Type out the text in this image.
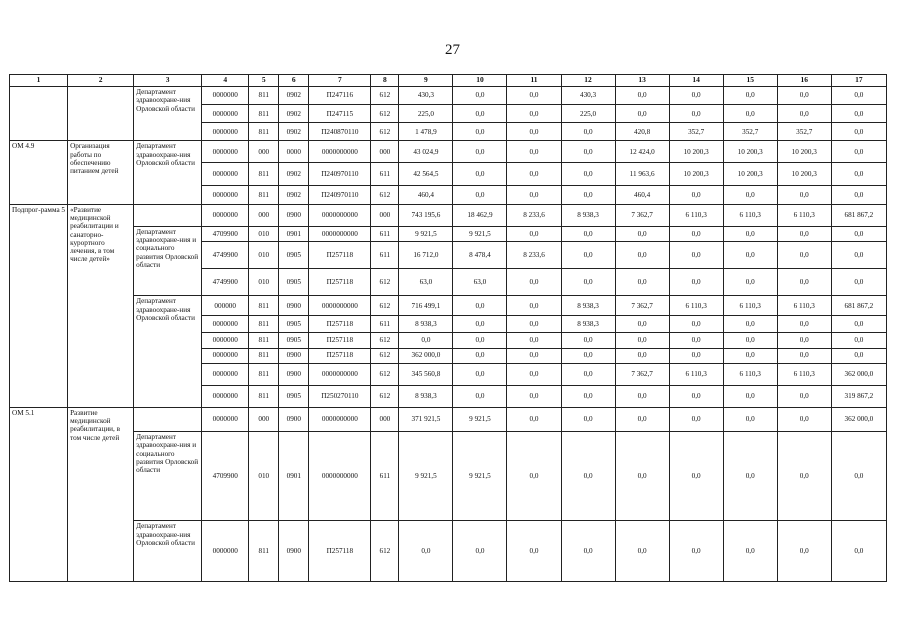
27
1	2	3	4	5	6	7	8	9	10	11	12	13	14	15	16	17
		Департамент здравоохране-ния Орловской области	0000000	811	0902	П247116	612	430,3	0,0	0,0	430,3	0,0	0,0	0,0	0,0	0,0
			0000000	811	0902	П247115	612	225,0	0,0	0,0	225,0	0,0	0,0	0,0	0,0	0,0
			0000000	811	0902	П240870110	612	1 478,9	0,0	0,0	0,0	420,8	352,7	352,7	352,7	0,0
ОМ 4.9	Организация работы по обеспечению питанием детей	Департамент здравоохране-ния Орловской области	0000000	000	0000	0000000000	000	43 024,9	0,0	0,0	0,0	12 424,0	10 200,3	10 200,3	10 200,3	0,0
			0000000	811	0902	П240970110	611	42 564,5	0,0	0,0	0,0	11 963,6	10 200,3	10 200,3	10 200,3	0,0
			0000000	811	0902	П240970110	612	460,4	0,0	0,0	0,0	460,4	0,0	0,0	0,0	0,0
Подпрог-рамма 5	«Развитие медицинской реабилитации и санаторно-курортного лечения, в том числе детей»		0000000	000	0900	0000000000	000	743 195,6	18 462,9	8 233,6	8 938,3	7 362,7	6 110,3	6 110,3	6 110,3	681 867,2
		Департамент здравоохране-ния и социального развития Орловской области	4709900	010	0901	0000000000	611	9 921,5	9 921,5	0,0	0,0	0,0	0,0	0,0	0,0	0,0
			4749900	010	0905	П257118	611	16 712,0	8 478,4	8 233,6	0,0	0,0	0,0	0,0	0,0	0,0
			4749900	010	0905	П257118	612	63,0	63,0	0,0	0,0	0,0	0,0	0,0	0,0	0,0
		Департамент здравоохране-ния Орловской области	000000	811	0900	0000000000	612	716 499,1	0,0	0,0	8 938,3	7 362,7	6 110,3	6 110,3	6 110,3	681 867,2
			0000000	811	0905	П257118	611	8 938,3	0,0	0,0	8 938,3	0,0	0,0	0,0	0,0	0,0
			0000000	811	0905	П257118	612	0,0	0,0	0,0	0,0	0,0	0,0	0,0	0,0	0,0
			0000000	811	0900	П257118	612	362 000,0	0,0	0,0	0,0	0,0	0,0	0,0	0,0	0,0
			0000000	811	0900	0000000000	612	345 560,8	0,0	0,0	0,0	7 362,7	6 110,3	6 110,3	6 110,3	362 000,0
			0000000	811	0905	П250270110	612	8 938,3	0,0	0,0	0,0	0,0	0,0	0,0	0,0	319 867,2
ОМ 5.1	Развитие медицинской реабилитации, в том числе детей		0000000	000	0900	0000000000	000	371 921,5	9 921,5	0,0	0,0	0,0	0,0	0,0	0,0	362 000,0
		Департамент здравоохране-ния и социального развития Орловской области	4709900	010	0901	0000000000	611	9 921,5	9 921,5	0,0	0,0	0,0	0,0	0,0	0,0	0,0
		Департамент здравоохране-ния Орловской области	0000000	811	0900	П257118	612	0,0	0,0	0,0	0,0	0,0	0,0	0,0	0,0	0,0
